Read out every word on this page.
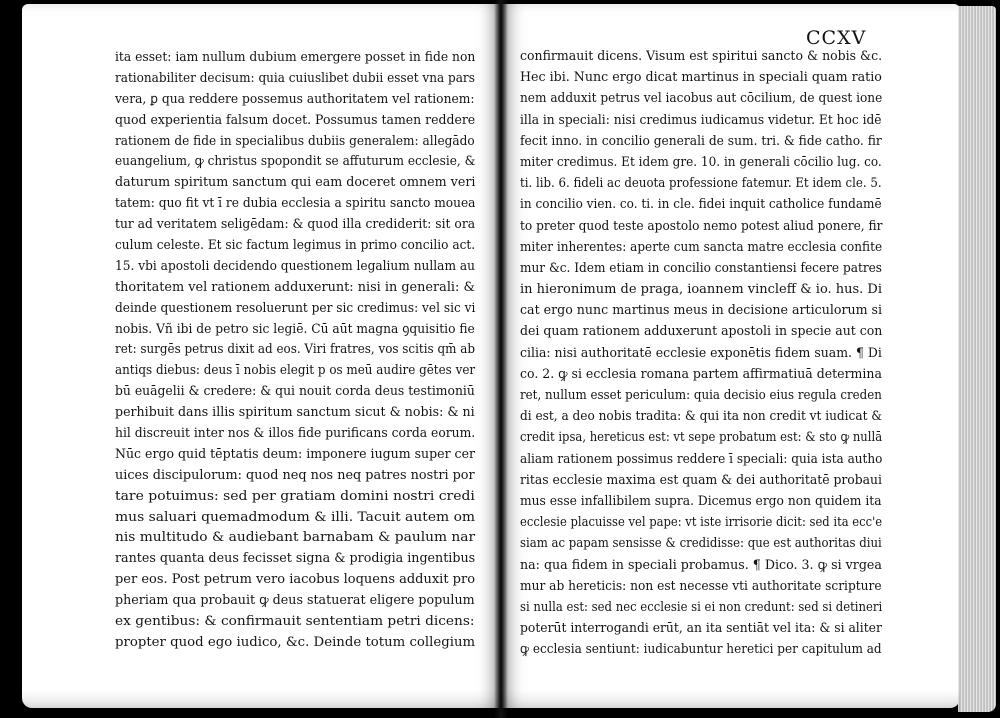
CCXV
ita esset: iam nullum dubium emergere posset in fide non
rationabiliter decisum: quia cuiuslibet dubii esset vna pars
vera, ꝑ qua reddere possemus authoritatem vel rationem:
quod experientia falsum docet. Possumus tamen reddere
rationem de fide in specialibus dubiis generalem: allegādo
euangelium, ꝙ christus spopondit se affuturum ecclesie, &
daturum spiritum sanctum qui eam doceret omnem veri
tatem: quo fit vt ī re dubia ecclesia a spiritu sancto mouea
tur ad veritatem seligēdam: & quod illa crediderit: sit ora
culum celeste. Et sic factum legimus in primo concilio act.
15. vbi apostoli decidendo questionem legalium nullam au
thoritatem vel rationem adduxerunt: nisi in generali: &
deinde questionem resoluerunt per sic credimus: vel sic vi
nobis. Vñ ibi de petro sic legiē. Cū aūt magna ꝯquisitio fie
ret: surgēs petrus dixit ad eos. Viri fratres, vos scitis qm̄ ab
antiqs diebus: deus ī nobis elegit p os meū audire gētes ver
bū euāgelii & credere: & qui nouit corda deus testimoniū
perhibuit dans illis spiritum sanctum sicut & nobis: & ni
hil discreuit inter nos & illos fide purificans corda eorum.
Nūc ergo quid tēptatis deum: imponere iugum super cer
uices discipulorum: quod neq nos neq patres nostri por
tare potuimus: sed per gratiam domini nostri credi
mus saluari quemadmodum & illi. Tacuit autem om
nis multitudo & audiebant barnabam & paulum nar
rantes quanta deus fecisset signa & prodigia ingentibus
per eos. Post petrum vero iacobus loquens adduxit pro
pheriam qua probauit ꝙ deus statuerat eligere populum
ex gentibus: & confirmauit sententiam petri dicens:
propter quod ego iudico, &c. Deinde totum collegium
confirmauit dicens. Visum est spiritui sancto & nobis &c.
Hec ibi. Nunc ergo dicat martinus in speciali quam ratio
nem adduxit petrus vel iacobus aut cōcilium, de quest ione
illa in speciali: nisi credimus iudicamus videtur. Et hoc idē
fecit inno. in concilio generali de sum. tri. & fide catho. fir
miter credimus. Et idem gre. 10. in generali cōcilio lug. co.
ti. lib. 6. fideli ac deuota professione fatemur. Et idem cle. 5.
in concilio vien. co. ti. in cle. fidei inquit catholice fundamē
to preter quod teste apostolo nemo potest aliud ponere, fir
miter inherentes: aperte cum sancta matre ecclesia confite
mur &c. Idem etiam in concilio constantiensi fecere patres
in hieronimum de praga, ioannem vincleff & io. hus. Di
cat ergo nunc martinus meus in decisione articulorum si
dei quam rationem adduxerunt apostoli in specie aut con
cilia: nisi authoritatē ecclesie exponētis fidem suam. ¶ Di
co. 2. ꝙ si ecclesia romana partem affirmatiuā determina
ret, nullum esset periculum: quia decisio eius regula creden
di est, a deo nobis tradita: & qui ita non credit vt iudicat &
credit ipsa, hereticus est: vt sepe probatum est: & sto ꝙ nullā
aliam rationem possimus reddere ī speciali: quia ista autho
ritas ecclesie maxima est quam & dei authoritatē probaui
mus esse infallibilem supra. Dicemus ergo non quidem ita
ecclesie placuisse vel pape: vt iste irrisorie dicit: sed ita ecc'e
siam ac papam sensisse & credidisse: que est authoritas diui
na: qua fidem in speciali probamus. ¶ Dico. 3. ꝙ si vrgea
mur ab hereticis: non est necesse vti authoritate scripture
si nulla est: sed nec ecclesie si ei non credunt: sed si detineri
poterūt interrogandi erūt, an ita sentiāt vel ita: & si aliter
ꝙ ecclesia sentiunt: iudicabuntur heretici per capitulum ad
